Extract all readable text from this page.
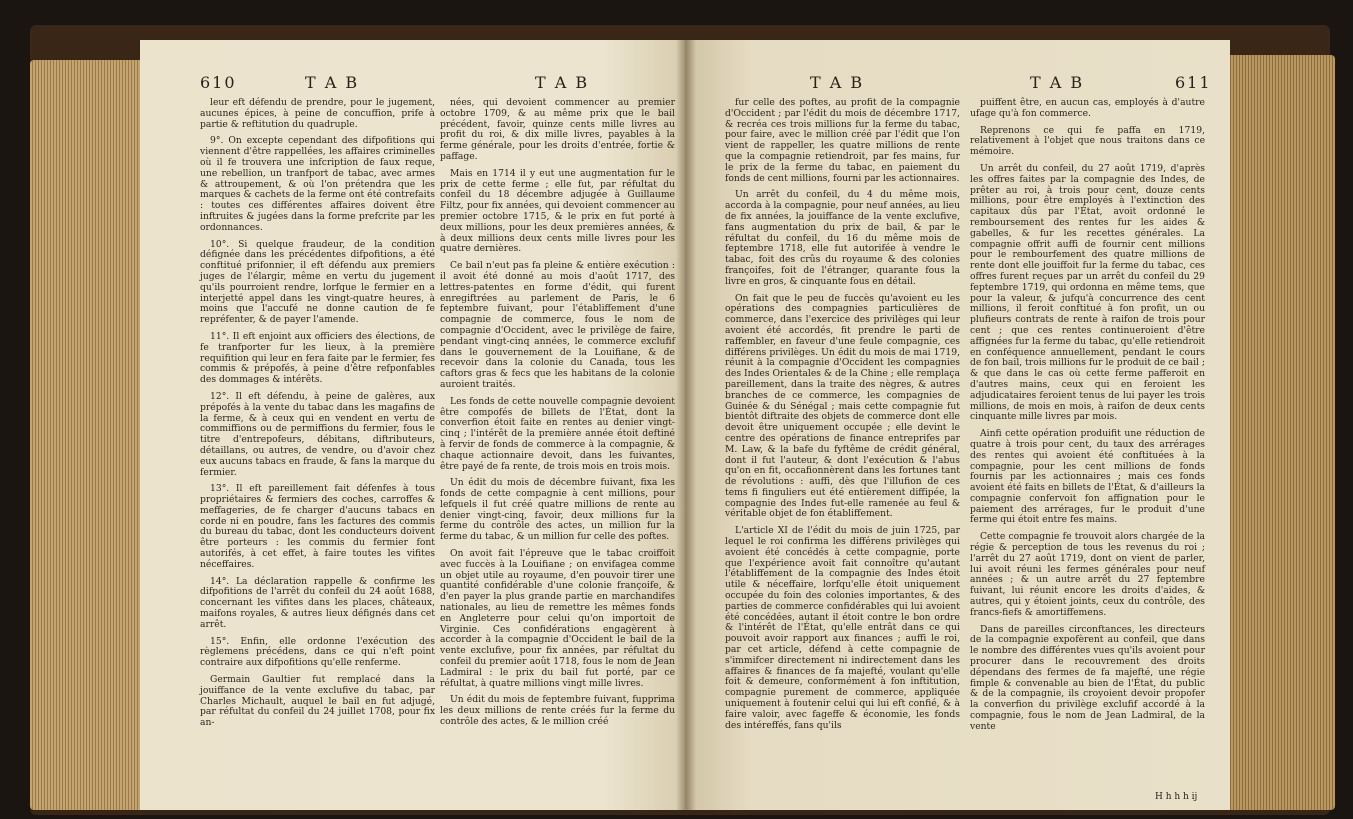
610	T A B	T A B

leur eft défendu de prendre, pour le jugement, aucunes épices, à peine de concuffion, prife à partie & reftitution du quadruple.

9°. On excepte cependant des difpofitions qui viennent d'être rappellées, les affaires criminelles où il fe trouvera une infcription de faux reque, une rebellion, un tranfport de tabac, avec armes & attroupement, & où l'on prétendra que les marques & cachets de la ferme ont été contrefaits : toutes ces différentes affaires doivent être inftruites & jugées dans la forme prefcrite par les ordonnances.

10°. Si quelque fraudeur, de la condition défignée dans les précédentes difpofitions, a été conftitué prifonnier, il eft défendu aux premiers juges de l'élargir, même en vertu du jugement qu'ils pourroient rendre, lorfque le fermier en a interjetté appel dans les vingt-quatre heures, à moins que l'accufé ne donne caution de fe repréfenter, & de payer l'amende.

11°. Il eft enjoint aux officiers des élections, de fe tranfporter fur les lieux, à la première requifition qui leur en fera faite par le fermier, fes commis & prépofés, à peine d'être refponfables des dommages & intérêts.

12°. Il eft défendu, à peine de galères, aux prépofés à la vente du tabac dans les magafins de la ferme, & à ceux qui en vendent en vertu de commiffions ou de permiffions du fermier, fous le titre d'entrepofeurs, débitans, diftributeurs, détaillans, ou autres, de vendre, ou d'avoir chez eux aucuns tabacs en fraude, & fans la marque du fermier.

13°. Il eft pareillement fait défenfes à tous propriétaires & fermiers des coches, carroffes & meffageries, de fe charger d'aucuns tabacs en corde ni en poudre, fans les factures des commis du bureau du tabac, dont les conducteurs doivent être porteurs : les commis du fermier font autorifés, à cet effet, à faire toutes les vifites néceffaires.

14°. La déclaration rappelle & confirme les difpofitions de l'arrêt du confeil du 24 août 1688, concernant les vifites dans les places, châteaux, maifons royales, & autres lieux défignés dans cet arrêt.

15°. Enfin, elle ordonne l'exécution des règlemens précédens, dans ce qui n'eft point contraire aux difpofitions qu'elle renferme.

Germain Gaultier fut remplacé dans la jouiffance de la vente exclufive du tabac, par Charles Michault, auquel le bail en fut adjugé, par réfultat du confeil du 24 juillet 1708, pour fix an-

nées, qui devoient commencer au premier octobre 1709, & au même prix que le bail précédent, favoir, quinze cents mille livres au profit du roi, & dix mille livres, payables à la ferme générale, pour les droits d'entrée, fortie & paffage.

Mais en 1714 il y eut une augmentation fur le prix de cette ferme ; elle fut, par réfultat du confeil du 18 décembre adjugée à Guillaume Filtz, pour fix années, qui devoient commencer au premier octobre 1715, & le prix en fut porté à deux millions, pour les deux premières années, & à deux millions deux cents mille livres pour les quatre dernières.

Ce bail n'eut pas fa pleine & entière exécution : il avoit été donné au mois d'août 1717, des lettres-patentes en forme d'édit, qui furent enregiftrées au parlement de Paris, le 6 feptembre fuivant, pour l'établiffement d'une compagnie de commerce, fous le nom de compagnie d'Occident, avec le privilège de faire, pendant vingt-cinq années, le commerce exclufif dans le gouvernement de la Louifiane, & de recevoir dans la colonie du Canada, tous les caftors gras & fecs que les habitans de la colonie auroient traités.

Les fonds de cette nouvelle compagnie devoient être compofés de billets de l'État, dont la converfion étoit faite en rentes au denier vingt-cinq ; l'intérêt de la première année étoit deftiné à fervir de fonds de commerce à la compagnie, & chaque actionnaire devoit, dans les fuivantes, être payé de fa rente, de trois mois en trois mois.

Un édit du mois de décembre fuivant, fixa les fonds de cette compagnie à cent millions, pour lefquels il fut créé quatre millions de rente au denier vingt-cinq, favoir, deux millions fur la ferme du contrôle des actes, un million fur la ferme du tabac, & un million fur celle des poftes.

On avoit fait l'épreuve que le tabac croiffoit avec fuccès à la Louifiane ; on envifagea comme un objet utile au royaume, d'en pouvoir tirer une quantité confidérable d'une colonie françoife, & d'en payer la plus grande partie en marchandifes nationales, au lieu de remettre les mêmes fonds en Angleterre pour celui qu'on importoit de Virginie. Ces confidérations engagèrent à accorder à la compagnie d'Occident le bail de la vente exclufive, pour fix années, par réfultat du confeil du premier août 1718, fous le nom de Jean Ladmiral : le prix du bail fut porté, par ce réfultat, à quatre millions vingt mille livres.

Un édit du mois de feptembre fuivant, fupprima les deux millions de rente créés fur la ferme du contrôle des actes, & le million créé

T A B	T A B	611

fur celle des poftes, au profit de la compagnie d'Occident ; par l'édit du mois de décembre 1717, & recréa ces trois millions fur la ferme du tabac, pour faire, avec le million créé par l'édit que l'on vient de rappeller, les quatre millions de rente que la compagnie retiendroit, par fes mains, fur le prix de la ferme du tabac, en paiement du fonds de cent millions, fourni par les actionnaires.

Un arrêt du confeil, du 4 du même mois, accorda à la compagnie, pour neuf années, au lieu de fix années, la jouiffance de la vente exclufive, fans augmentation du prix de bail, & par le réfultat du confeil, du 16 du même mois de feptembre 1718, elle fut autorifée à vendre le tabac, foit des crûs du royaume & des colonies françoifes, foit de l'étranger, quarante fous la livre en gros, & cinquante fous en détail.

On fait que le peu de fuccès qu'avoient eu les opérations des compagnies particulières de commerce, dans l'exercice des privilèges qui leur avoient été accordés, fit prendre le parti de raffembler, en faveur d'une feule compagnie, ces différens privilèges. Un édit du mois de mai 1719, réunit à la compagnie d'Occident les compagnies des Indes Orientales & de la Chine ; elle remplaça pareillement, dans la traite des nègres, & autres branches de ce commerce, les compagnies de Guinée & du Sénégal ; mais cette compagnie fut bientôt diftraite des objets de commerce dont elle devoit être uniquement occupée ; elle devint le centre des opérations de finance entreprifes par M. Law, & la bafe du fyftême de crédit général, dont il fut l'auteur, & dont l'exécution & l'abus qu'on en fit, occafionnèrent dans les fortunes tant de révolutions : auffi, dès que l'illufion de ces tems fi finguliers eut été entièrement diffipée, la compagnie des Indes fut-elle ramenée au feul & véritable objet de fon établiffement.

L'article XI de l'édit du mois de juin 1725, par lequel le roi confirma les différens privilèges qui avoient été concédés à cette compagnie, porte que l'expérience avoit fait connoître qu'autant l'établiffement de la compagnie des Indes étoit utile & néceffaire, lorfqu'elle étoit uniquement occupée du foin des colonies importantes, & des parties de commerce confidérables qui lui avoient été concédées, autant il étoit contre le bon ordre & l'intérêt de l'État, qu'elle entrât dans ce qui pouvoit avoir rapport aux finances ; auffi le roi, par cet article, défend à cette compagnie de s'immifcer directement ni indirectement dans les affaires & finances de fa majefté, voulant qu'elle foit & demeure, conformément à fon inftitution, compagnie purement de commerce, appliquée uniquement à foutenir celui qui lui eft confié, & à faire valoir, avec fageffe & économie, les fonds des intéreffés, fans qu'ils

puiffent être, en aucun cas, employés à d'autre ufage qu'à fon commerce.

Reprenons ce qui fe paffa en 1719, relativement à l'objet que nous traitons dans ce mémoire.

Un arrêt du confeil, du 27 août 1719, d'après les offres faites par la compagnie des Indes, de prêter au roi, à trois pour cent, douze cents millions, pour être employés à l'extinction des capitaux dûs par l'État, avoit ordonné le remboursement des rentes fur les aides & gabelles, & fur les recettes générales. La compagnie offrit auffi de fournir cent millions pour le rembourfement des quatre millions de rente dont elle jouiffoit fur la ferme du tabac, ces offres furent reçues par un arrêt du confeil du 29 feptembre 1719, qui ordonna en même tems, que pour la valeur, & jufqu'à concurrence des cent millions, il feroit conftitué à fon profit, un ou plufieurs contrats de rente à raifon de trois pour cent ; que ces rentes continueroient d'être affignées fur la ferme du tabac, qu'elle retiendroit en conféquence annuellement, pendant le cours de fon bail, trois millions fur le produit de ce bail ; & que dans le cas où cette ferme pafferoit en d'autres mains, ceux qui en feroient les adjudicataires feroient tenus de lui payer les trois millions, de mois en mois, à raifon de deux cents cinquante mille livres par mois.

Ainfi cette opération produifit une réduction de quatre à trois pour cent, du taux des arrérages des rentes qui avoient été conftituées à la compagnie, pour les cent millions de fonds fournis par les actionnaires ; mais ces fonds avoient été faits en billets de l'État, & d'ailleurs la compagnie confervoit fon affignation pour le paiement des arrérages, fur le produit d'une ferme qui étoit entre fes mains.

Cette compagnie fe trouvoit alors chargée de la régie & perception de tous les revenus du roi ; l'arrêt du 27 août 1719, dont on vient de parler, lui avoit réuni les fermes générales pour neuf années ; & un autre arrêt du 27 feptembre fuivant, lui réunit encore les droits d'aides, & autres, qui y étoient joints, ceux du contrôle, des francs-fiefs & amortiffemens.

Dans de pareilles circonftances, les directeurs de la compagnie expofèrent au confeil, que dans le nombre des différentes vues qu'ils avoient pour procurer dans le recouvrement des droits dépendans des fermes de fa majefté, une régie fimple & convenable au bien de l'État, du public & de la compagnie, ils croyoient devoir propofer la converfion du privilège exclufif accordé à la compagnie, fous le nom de Jean Ladmiral, de la vente

H h h h ij
